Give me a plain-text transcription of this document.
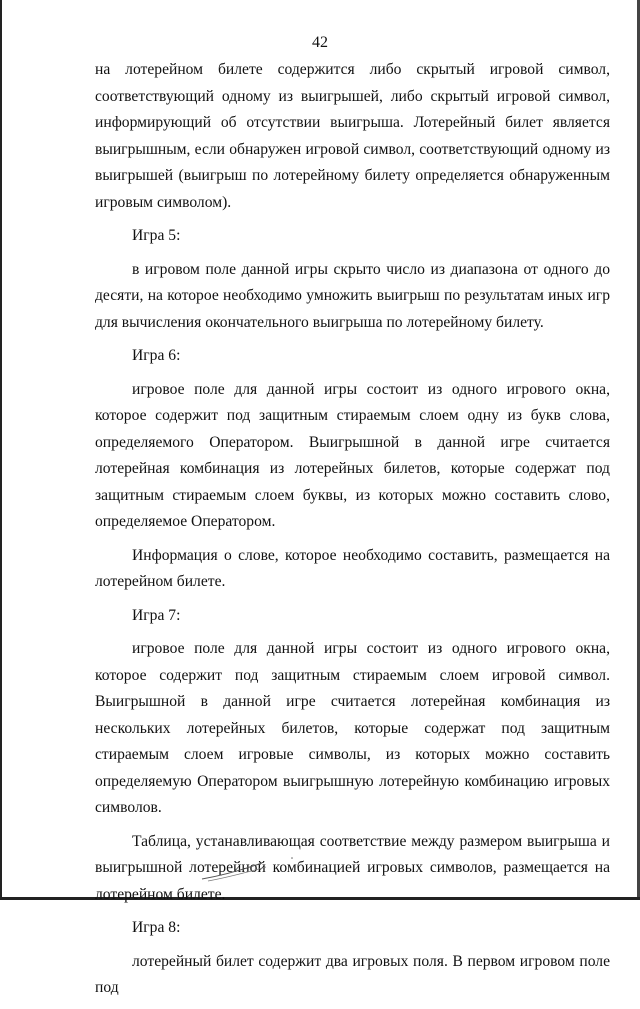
42

на лотерейном билете содержится либо скрытый игровой символ, соответствующий одному из выигрышей, либо скрытый игровой символ, информирующий об отсутствии выигрыша. Лотерейный билет является выигрышным, если обнаружен игровой символ, соответствующий одному из выигрышей (выигрыш по лотерейному билету определяется обнаруженным игровым символом).

Игра 5:

в игровом поле данной игры скрыто число из диапазона от одного до десяти, на которое необходимо умножить выигрыш по результатам иных игр для вычисления окончательного выигрыша по лотерейному билету.

Игра 6:

игровое поле для данной игры состоит из одного игрового окна, которое содержит под защитным стираемым слоем одну из букв слова, определяемого Оператором. Выигрышной в данной игре считается лотерейная комбинация из лотерейных билетов, которые содержат под защитным стираемым слоем буквы, из которых можно составить слово, определяемое Оператором.

Информация о слове, которое необходимо составить, размещается на лотерейном билете.

Игра 7:

игровое поле для данной игры состоит из одного игрового окна, которое содержит под защитным стираемым слоем игровой символ. Выигрышной в данной игре считается лотерейная комбинация из нескольких лотерейных билетов, которые содержат под защитным стираемым слоем игровые символы, из которых можно составить определяемую Оператором выигрышную лотерейную комбинацию игровых символов.

Таблица, устанавливающая соответствие между размером выигрыша и выигрышной лотерейной комбинацией игровых символов, размещается на лотерейном билете.

Игра 8:

лотерейный билет содержит два игровых поля. В первом игровом поле под
